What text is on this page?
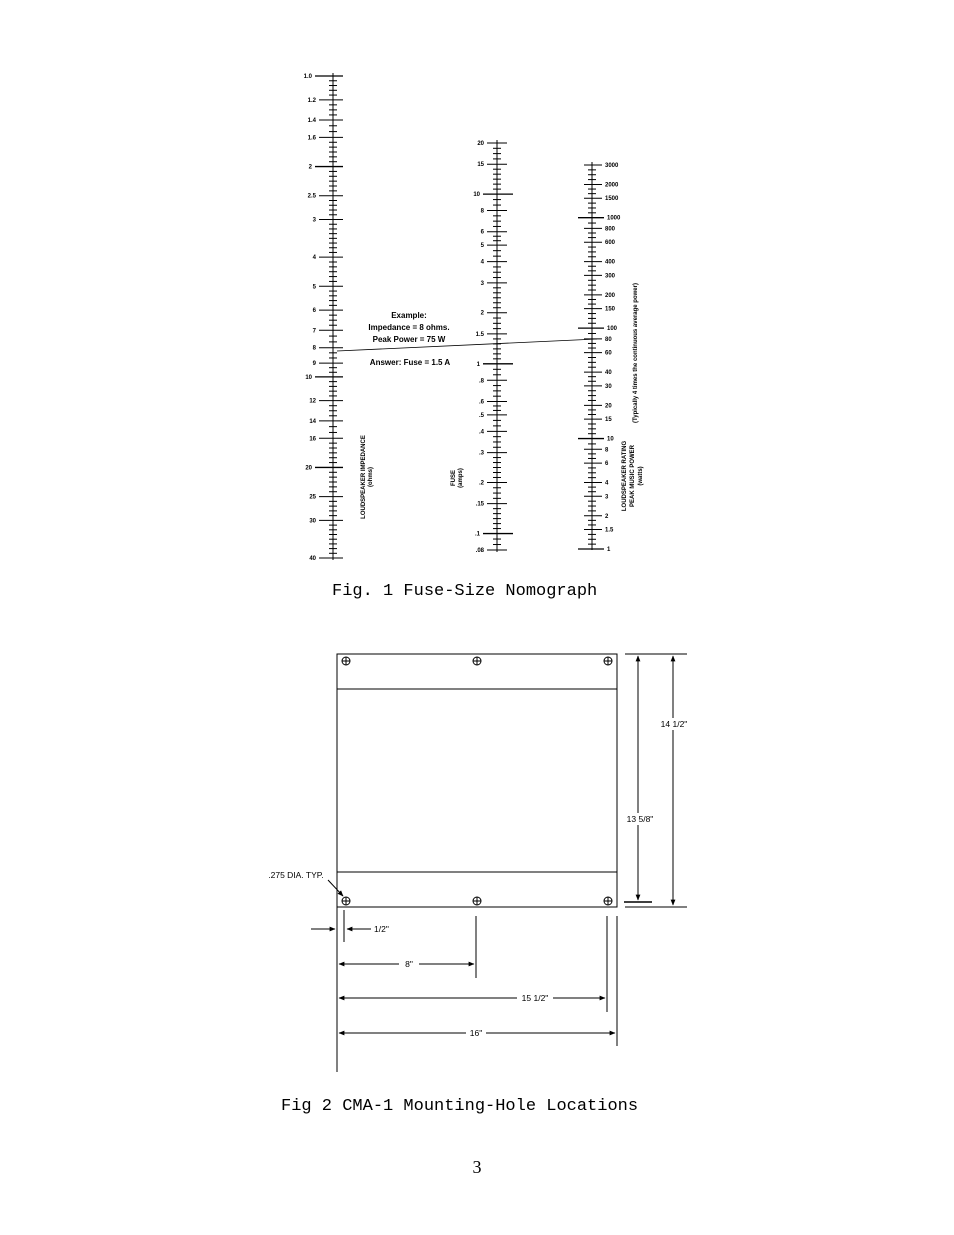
1.0
1.2
1.4
1.6
2
2.5
3
4
5
6
7
8
9
10
12
14
16
20
25
30
40
20
15
10
8
6
5
4
3
2
1.5
1
.8
.6
.5
.4
.3
.2
.15
.1
.08
3000
2000
1500
1000
800
600
400
300
200
150
100
80
60
40
30
20
15
10
8
6
4
3
2
1.5
1
Example:
Impedance = 8 ohms.
Peak Power = 75 W
Answer: Fuse = 1.5 A
LOUDSPEAKER IMPEDANCE (ohms)	FUSE (amps)	LOUDSPEAKER RATING PEAK MUSIC POWER (watts)
(Typically 4 times the continuous average power)
Fig. 1 Fuse-Size Nomograph
14 1/2"
13 5/8"
.275 DIA. TYP.
1/2"
8"
15 1/2"
16"
Fig 2 CMA-1 Mounting-Hole Locations
3
